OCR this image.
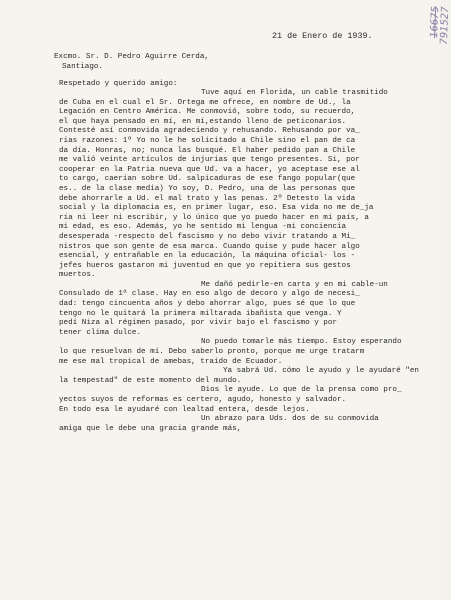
16675
791527
21 de Enero de 1939.
Excmo. Sr. D. Pedro Aguirre Cerda,
Santiago.
Respetado y querido amigo:
Tuve aquí en Florida, un cable trasmitido
de Cuba en el cual el Sr. Ortega me ofrece, en nombre de Ud., la
Legación en Centro América. Me conmovió, sobre todo, su recuerdo,
el que haya pensado en mí, en mí,estando lleno de peticonarios.
Contesté así conmovida agradeciendo y rehusando. Rehusando por va_
rias razones: 1º Yo no le he solicitado a Chile sino el pan de ca
da día. Honras, no; nunca las busqué. El haber pedido pan a Chile
me valió veinte artículos de injurias que tengo presentes. Si, por
cooperar en la Patria nueva que Ud. va a hacer, yo aceptase ese al
to cargo, caerían sobre Ud. salpicaduras de ese fango popular(que
es.. de la clase media) Yo soy, D. Pedro, una de las personas que
debe ahorrarle a Ud. el mal trato y las penas. 2º Detesto la vida
social y la diplomacia es, en primer lugar, eso. Esa vida no me de_ja
ría ni leer ni escribir, y lo único que yo puedo hacer en mi país, a
mi edad, es eso. Además, yo he sentido mi lengua -mi conciencia
desesperada -respecto del fascismo y no debo vivir tratando a Mi_
nistros que son gente de esa marca. Cuando quise y pude hacer algo
esencial, y entrañable en la educación, la máquina oficial- los -
jefes hueros gastaron mi juventud en que yo repitiera sus gestos
muertos.
Me dañó pedirle-en carta y en mi cable-un
Consulado de 1ª clase. Hay en eso algo de decoro y algo de necesi_
dad: tengo cincuenta años y debo ahorrar algo, pues sé que lo que
tengo no le quitará la primera miltarada ibañista que venga. Y
pedí Niza al régimen pasado, por vivir bajo el fascismo y por
tener clima dulce.
No puedo tomarle más tiempo. Estoy esperando
lo que resuelvan de mí. Debo saberlo pronto, porque me urge tratarm
me ese mal tropical de amebas, traído de Ecuador.
Ya sabrá Ud. cómo le ayudo y le ayudaré "en
la tempestad" de este momento del mundo.
Dios le ayude. Lo que de la prensa como pro_
yectos suyos de reformas es certero, agudo, honesto y salvador.
En todo esa le ayudaré con lealtad entera, desde lejos.
Un abrazo para Uds. dos de su conmovida
amiga que le debe una gracia grande más,
